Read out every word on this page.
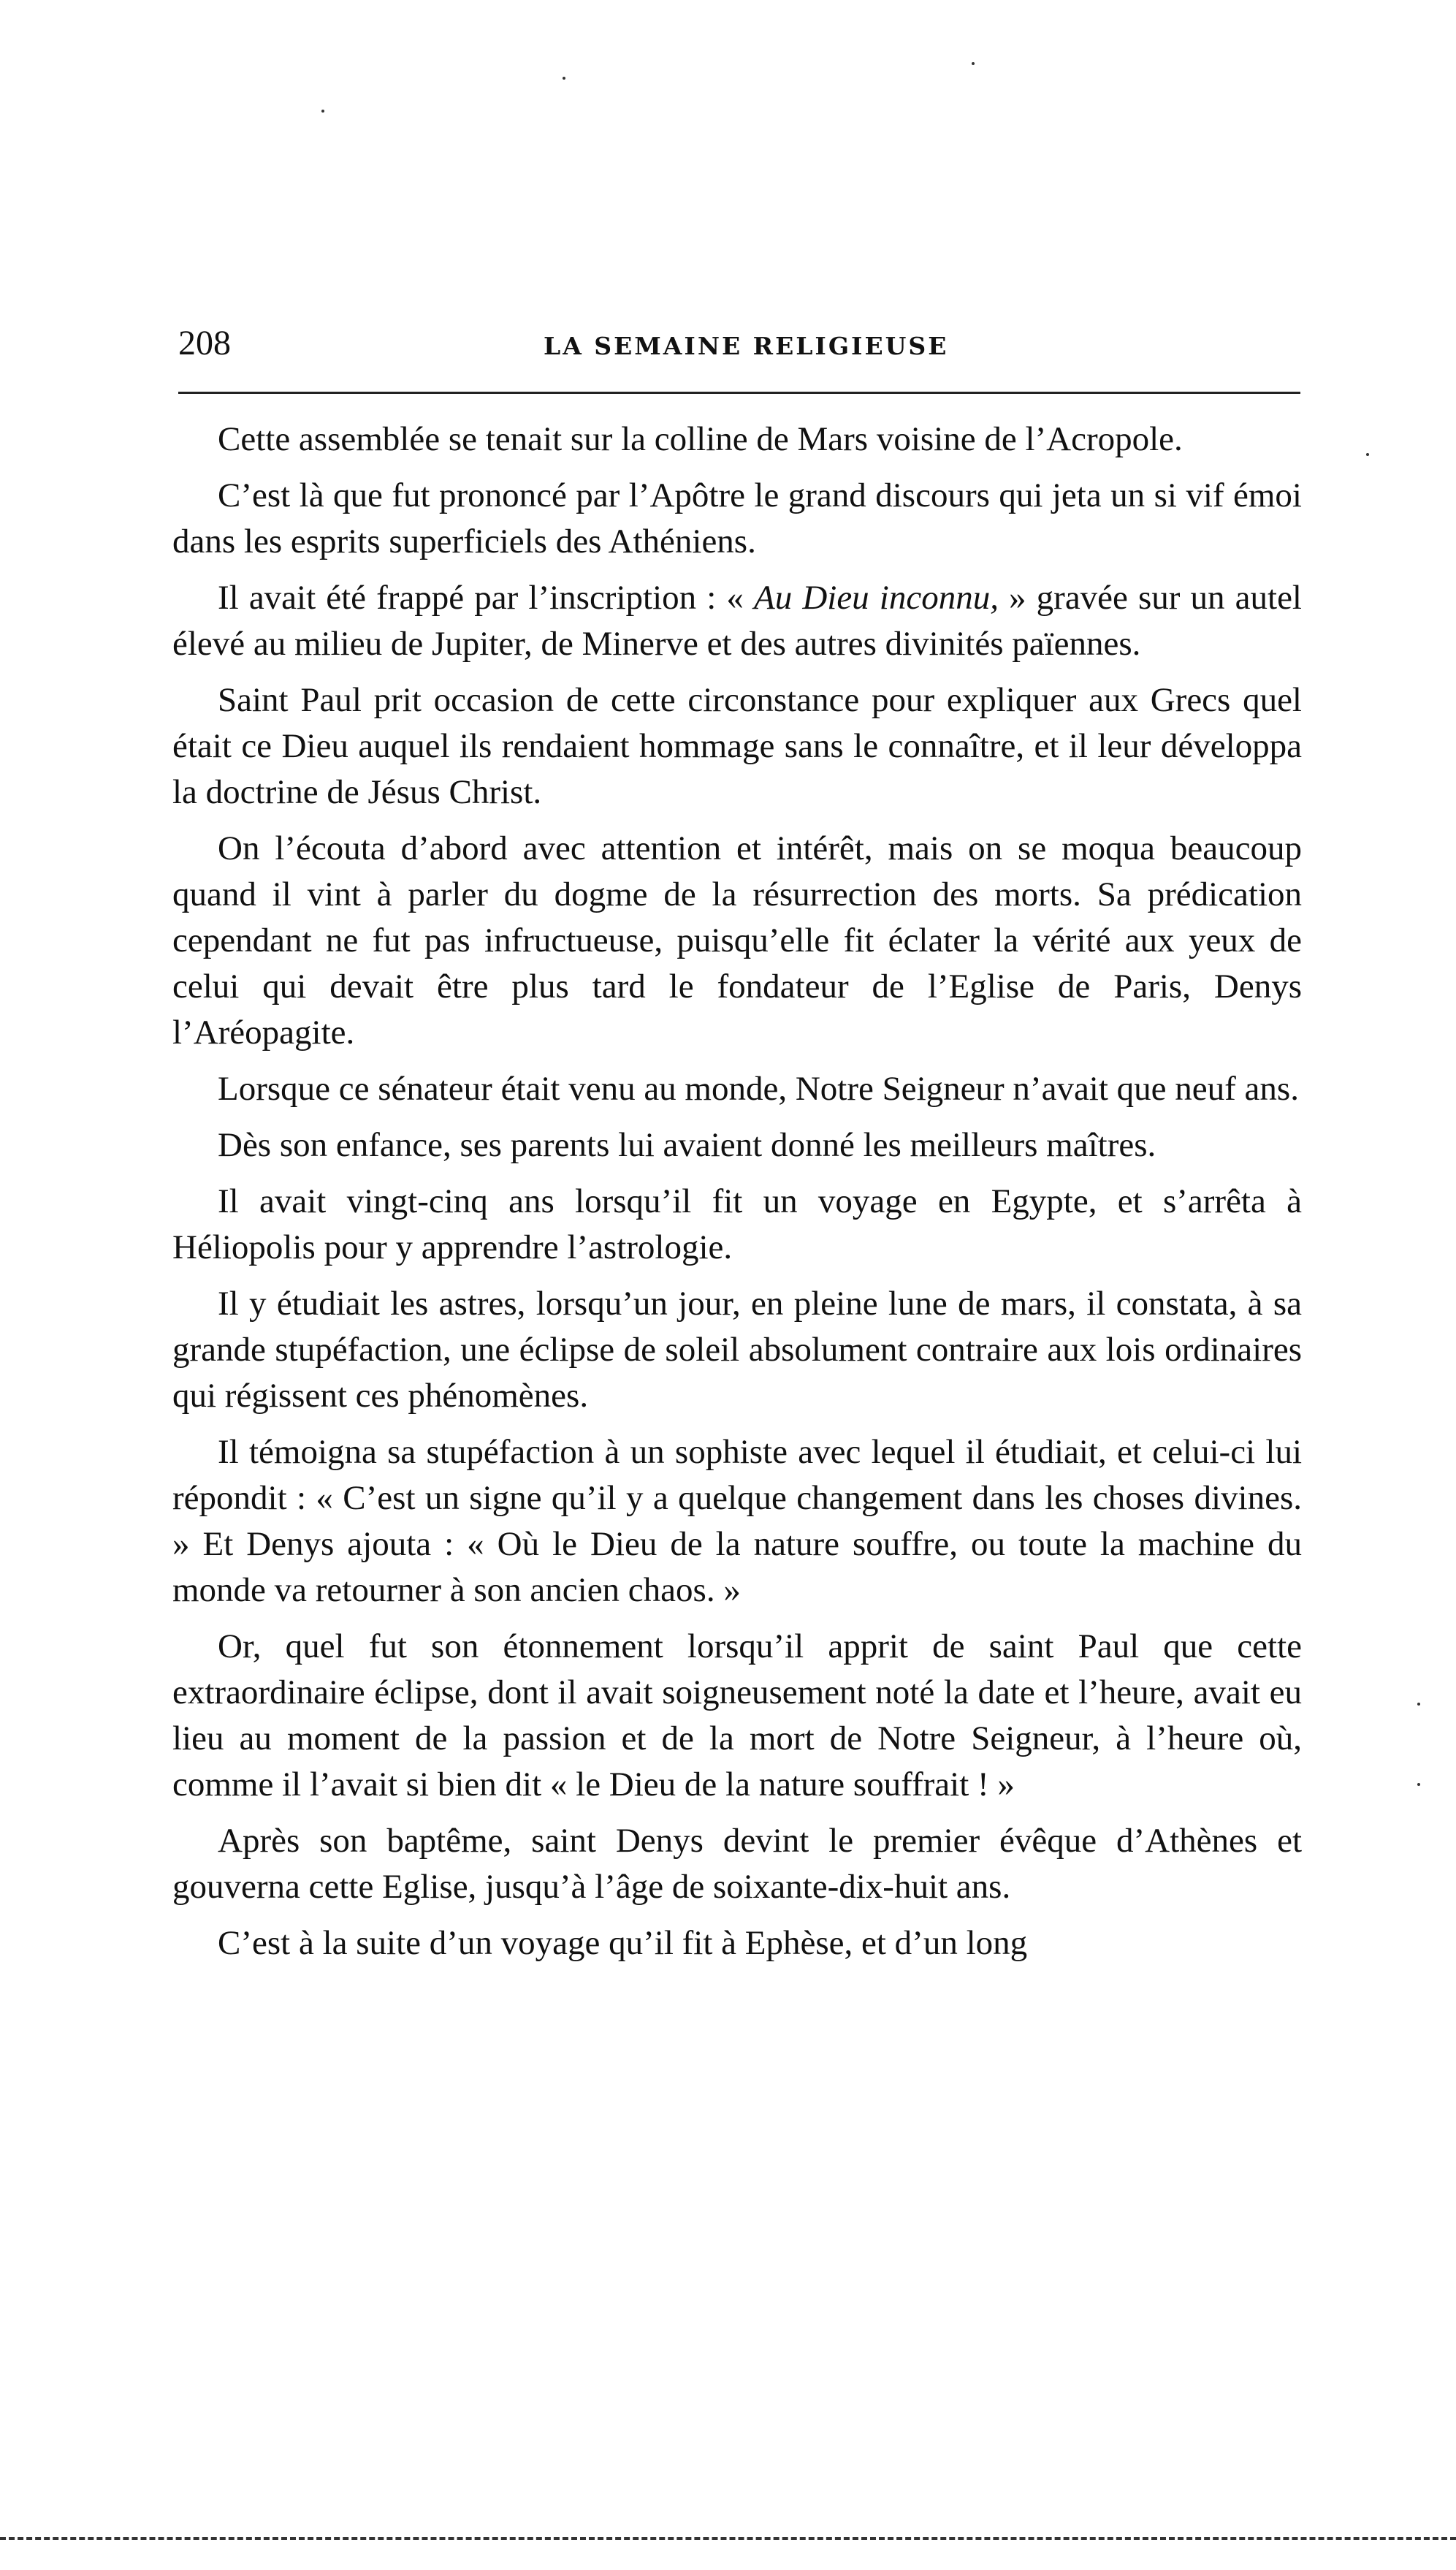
208	LA SEMAINE RELIGIEUSE

Cette assemblée se tenait sur la colline de Mars voisine de l’Acropole.

C’est là que fut prononcé par l’Apôtre le grand discours qui jeta un si vif émoi dans les esprits superficiels des Athéniens.

Il avait été frappé par l’inscription : « Au Dieu inconnu, » gravée sur un autel élevé au milieu de Jupiter, de Minerve et des autres divinités païennes.

Saint Paul prit occasion de cette circonstance pour expliquer aux Grecs quel était ce Dieu auquel ils rendaient hommage sans le connaître, et il leur développa la doctrine de Jésus Christ.

On l’écouta d’abord avec attention et intérêt, mais on se moqua beaucoup quand il vint à parler du dogme de la résurrection des morts. Sa prédication cependant ne fut pas infructueuse, puisqu’elle fit éclater la vérité aux yeux de celui qui devait être plus tard le fondateur de l’Eglise de Paris, Denys l’Aréopagite.

Lorsque ce sénateur était venu au monde, Notre Seigneur n’avait que neuf ans.

Dès son enfance, ses parents lui avaient donné les meilleurs maîtres.

Il avait vingt-cinq ans lorsqu’il fit un voyage en Egypte, et s’arrêta à Héliopolis pour y apprendre l’astrologie.

Il y étudiait les astres, lorsqu’un jour, en pleine lune de mars, il constata, à sa grande stupéfaction, une éclipse de soleil absolument contraire aux lois ordinaires qui régissent ces phénomènes.

Il témoigna sa stupéfaction à un sophiste avec lequel il étudiait, et celui-ci lui répondit : « C’est un signe qu’il y a quelque changement dans les choses divines. » Et Denys ajouta : « Où le Dieu de la nature souffre, ou toute la machine du monde va retourner à son ancien chaos. »

Or, quel fut son étonnement lorsqu’il apprit de saint Paul que cette extraordinaire éclipse, dont il avait soigneusement noté la date et l’heure, avait eu lieu au moment de la passion et de la mort de Notre Seigneur, à l’heure où, comme il l’avait si bien dit « le Dieu de la nature souffrait ! »

Après son baptême, saint Denys devint le premier évêque d’Athènes et gouverna cette Eglise, jusqu’à l’âge de soixante-dix-huit ans.

C’est à la suite d’un voyage qu’il fit à Ephèse, et d’un long
